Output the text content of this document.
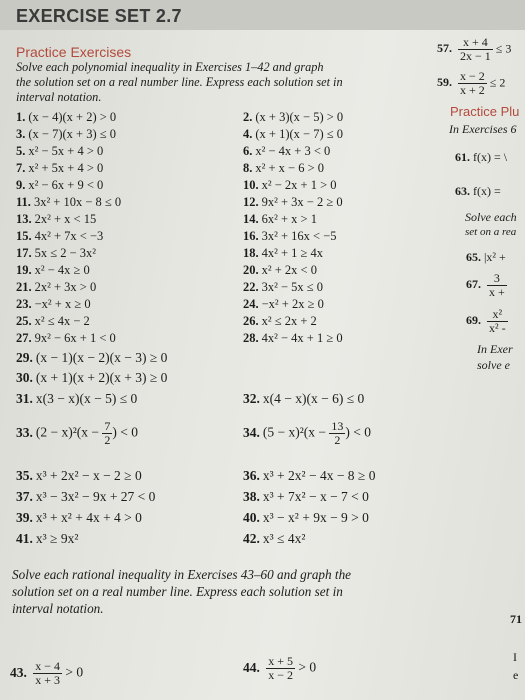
EXERCISE SET 2.7
Practice Exercises
Solve each polynomial inequality in Exercises 1–42 and graph
the solution set on a real number line. Express each solution set in
interval notation.
1. (x − 4)(x + 2) > 0	2. (x + 3)(x − 5) > 0
3. (x − 7)(x + 3) ≤ 0	4. (x + 1)(x − 7) ≤ 0
5. x² − 5x + 4 > 0	6. x² − 4x + 3 < 0
7. x² + 5x + 4 > 0	8. x² + x − 6 > 0
9. x² − 6x + 9 < 0	10. x² − 2x + 1 > 0
11. 3x² + 10x − 8 ≤ 0	12. 9x² + 3x − 2 ≥ 0
13. 2x² + x < 15	14. 6x² + x > 1
15. 4x² + 7x < −3	16. 3x² + 16x < −5
17. 5x ≤ 2 − 3x²	18. 4x² + 1 ≥ 4x
19. x² − 4x ≥ 0	20. x² + 2x < 0
21. 2x² + 3x > 0	22. 3x² − 5x ≤ 0
23. −x² + x ≥ 0	24. −x² + 2x ≥ 0
25. x² ≤ 4x − 2	26. x² ≤ 2x + 2
27. 9x² − 6x + 1 < 0	28. 4x² − 4x + 1 ≥ 0
29. (x − 1)(x − 2)(x − 3) ≥ 0
30. (x + 1)(x + 2)(x + 3) ≥ 0
31. x(3 − x)(x − 5) ≤ 0	32. x(4 − x)(x − 6) ≤ 0
33. $(2 - x)^2(x - \frac{7}{2}$ ) < 0	34. $(5 - x)^2(x - \frac{13}{2}$ ) < 0
35. x³ + 2x² − x − 2 ≥ 0	36. x³ + 2x² − 4x − 8 ≥ 0
37. x³ − 3x² − 9x + 27 < 0	38. x³ + 7x² − x − 7 < 0
39. x³ + x² + 4x + 4 > 0	40. x³ − x² + 9x − 9 > 0
41. x³ ≥ 9x²	42. x³ ≤ 4x²
Solve each rational inequality in Exercises 43–60 and graph the
solution set on a real number line. Express each solution set in
interval notation.
43. $\frac{x - 4}{x + 3} > 0$	44. $\frac{x + 5}{x - 2} > 0$
57. $\frac{x + 4}{2x - 1} \le 3$
59. $\frac{x - 2}{x + 2} \le 2$
Practice Plu
In Exercises 6
61. f(x) = \
63. f(x) =
Solve each
set on a rea
65. |x² +
67. $\frac{3}{x +}$
69. $\frac{\text{x²}}{\text{x² -}}$
In Exer
solve e
71
I
e
